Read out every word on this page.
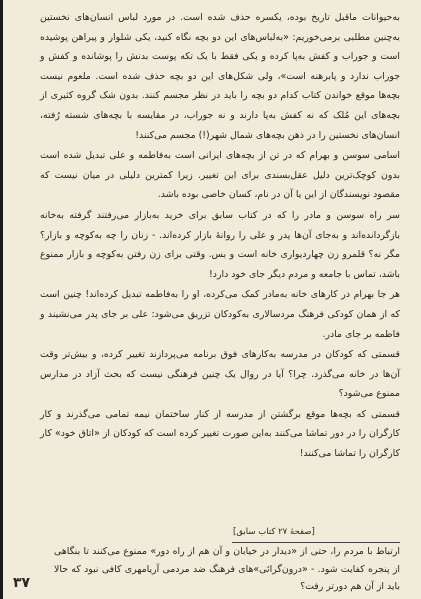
به‌حیوانات ماقبل تاریخ بوده، یکسره حذف شده است. در مورد لباس انسان‌های نخستین به‌چنین مطلبی برمی‌خوریم: «به‌لباس‌های این دو بچه نگاه کنید، یکی شلوار و پیراهن پوشیده است و جوراب و کفش به‌پا کرده و یکی فقط با یک تکه پوست بدنش را پوشانده و کفش و جوراب ندارد و پابرهنه است»، ولی شکل‌های این دو بچه حذف شده است. ملعوم نیست بچه‌ها موقع خواندن کتاب کدام دو بچه را باید در نظر مجسم کنند. بدون شک گروه کثیری از بچه‌های این مُلک که نه کفش به‌پا دارند و نه جوراب، در مقایسه با بچه‌های شسته رُفته، انسان‌های نخستین را در ذهن بچه‌های شمال شهر(!) مجسم می‌کنند!

اسامی سوسن و بهرام که در تن از بچه‌های ایرانی است به‌فاطمه و علی تبدیل شده است بدون کوچک‌ترین دلیل عقل‌بسندی برای این تغییر. زیرا کمترین دلیلی در میان نیست که مقصود نویسندگان از این یا آن در نام، کسان خاصی بوده باشد.

سر راه سوسن و مادر را که در کتاب سابق برای خرید به‌بازار می‌رفتند گرفته به‌خانه بازگردانده‌اند و به‌جای آن‌ها پدر و علی را روانهٔ بازار کرده‌اند. - زنان را چه به‌کوچه و بازار؟ مگر نه؟ قلمرو زن چهاردیواری خانه است و بس. وقتی برای زن رفتن به‌کوچه و بازار ممنوع باشد، تماس با جامعه و مردم دیگر جای خود دارد!

هر جا بهرام در کارهای خانه به‌مادر کمک می‌کرده، او را به‌فاطمه تبدیل کرده‌اند! چنین است که از همان کودکی فرهنگ مردسالاری به‌کودکان تزریق می‌شود: علی بر جای پدر می‌نشیند و فاطمه بر جای مادر.

قسمتی که کودکان در مدرسه به‌کارهای فوق برنامه می‌پردازند تغییر کرده، و بیش‌تر وقت آن‌ها در خانه می‌گذرد. چرا؟ آیا در روال یک چنین فرهنگی نیست که بحث آزاد در مدارس ممنوع می‌شود؟

قسمتی که بچه‌ها موقع برگشتن از مدرسه از کنار ساختمان نیمه تمامی می‌گذرند و کار کارگران را در دور تماشا می‌کنند به‌این صورت تغییر کرده است که کودکان از «اتاق خود» کار کارگران را تماشا می‌کنند!

[ صفحهٔ ۲۷ کتاب سابق ]
ارتباط با مردم را، حتی از «دیدار در خیابان و آن هم از راه دور» ممنوع می‌کنند تا بنگاهی از پنجره کفایت شود. - «درون‌گرائی»‌های فرهنگ ضد مردمی آریامهری کافی نبود که حالا باید از آن هم دورتر رفت؟
۳۷
